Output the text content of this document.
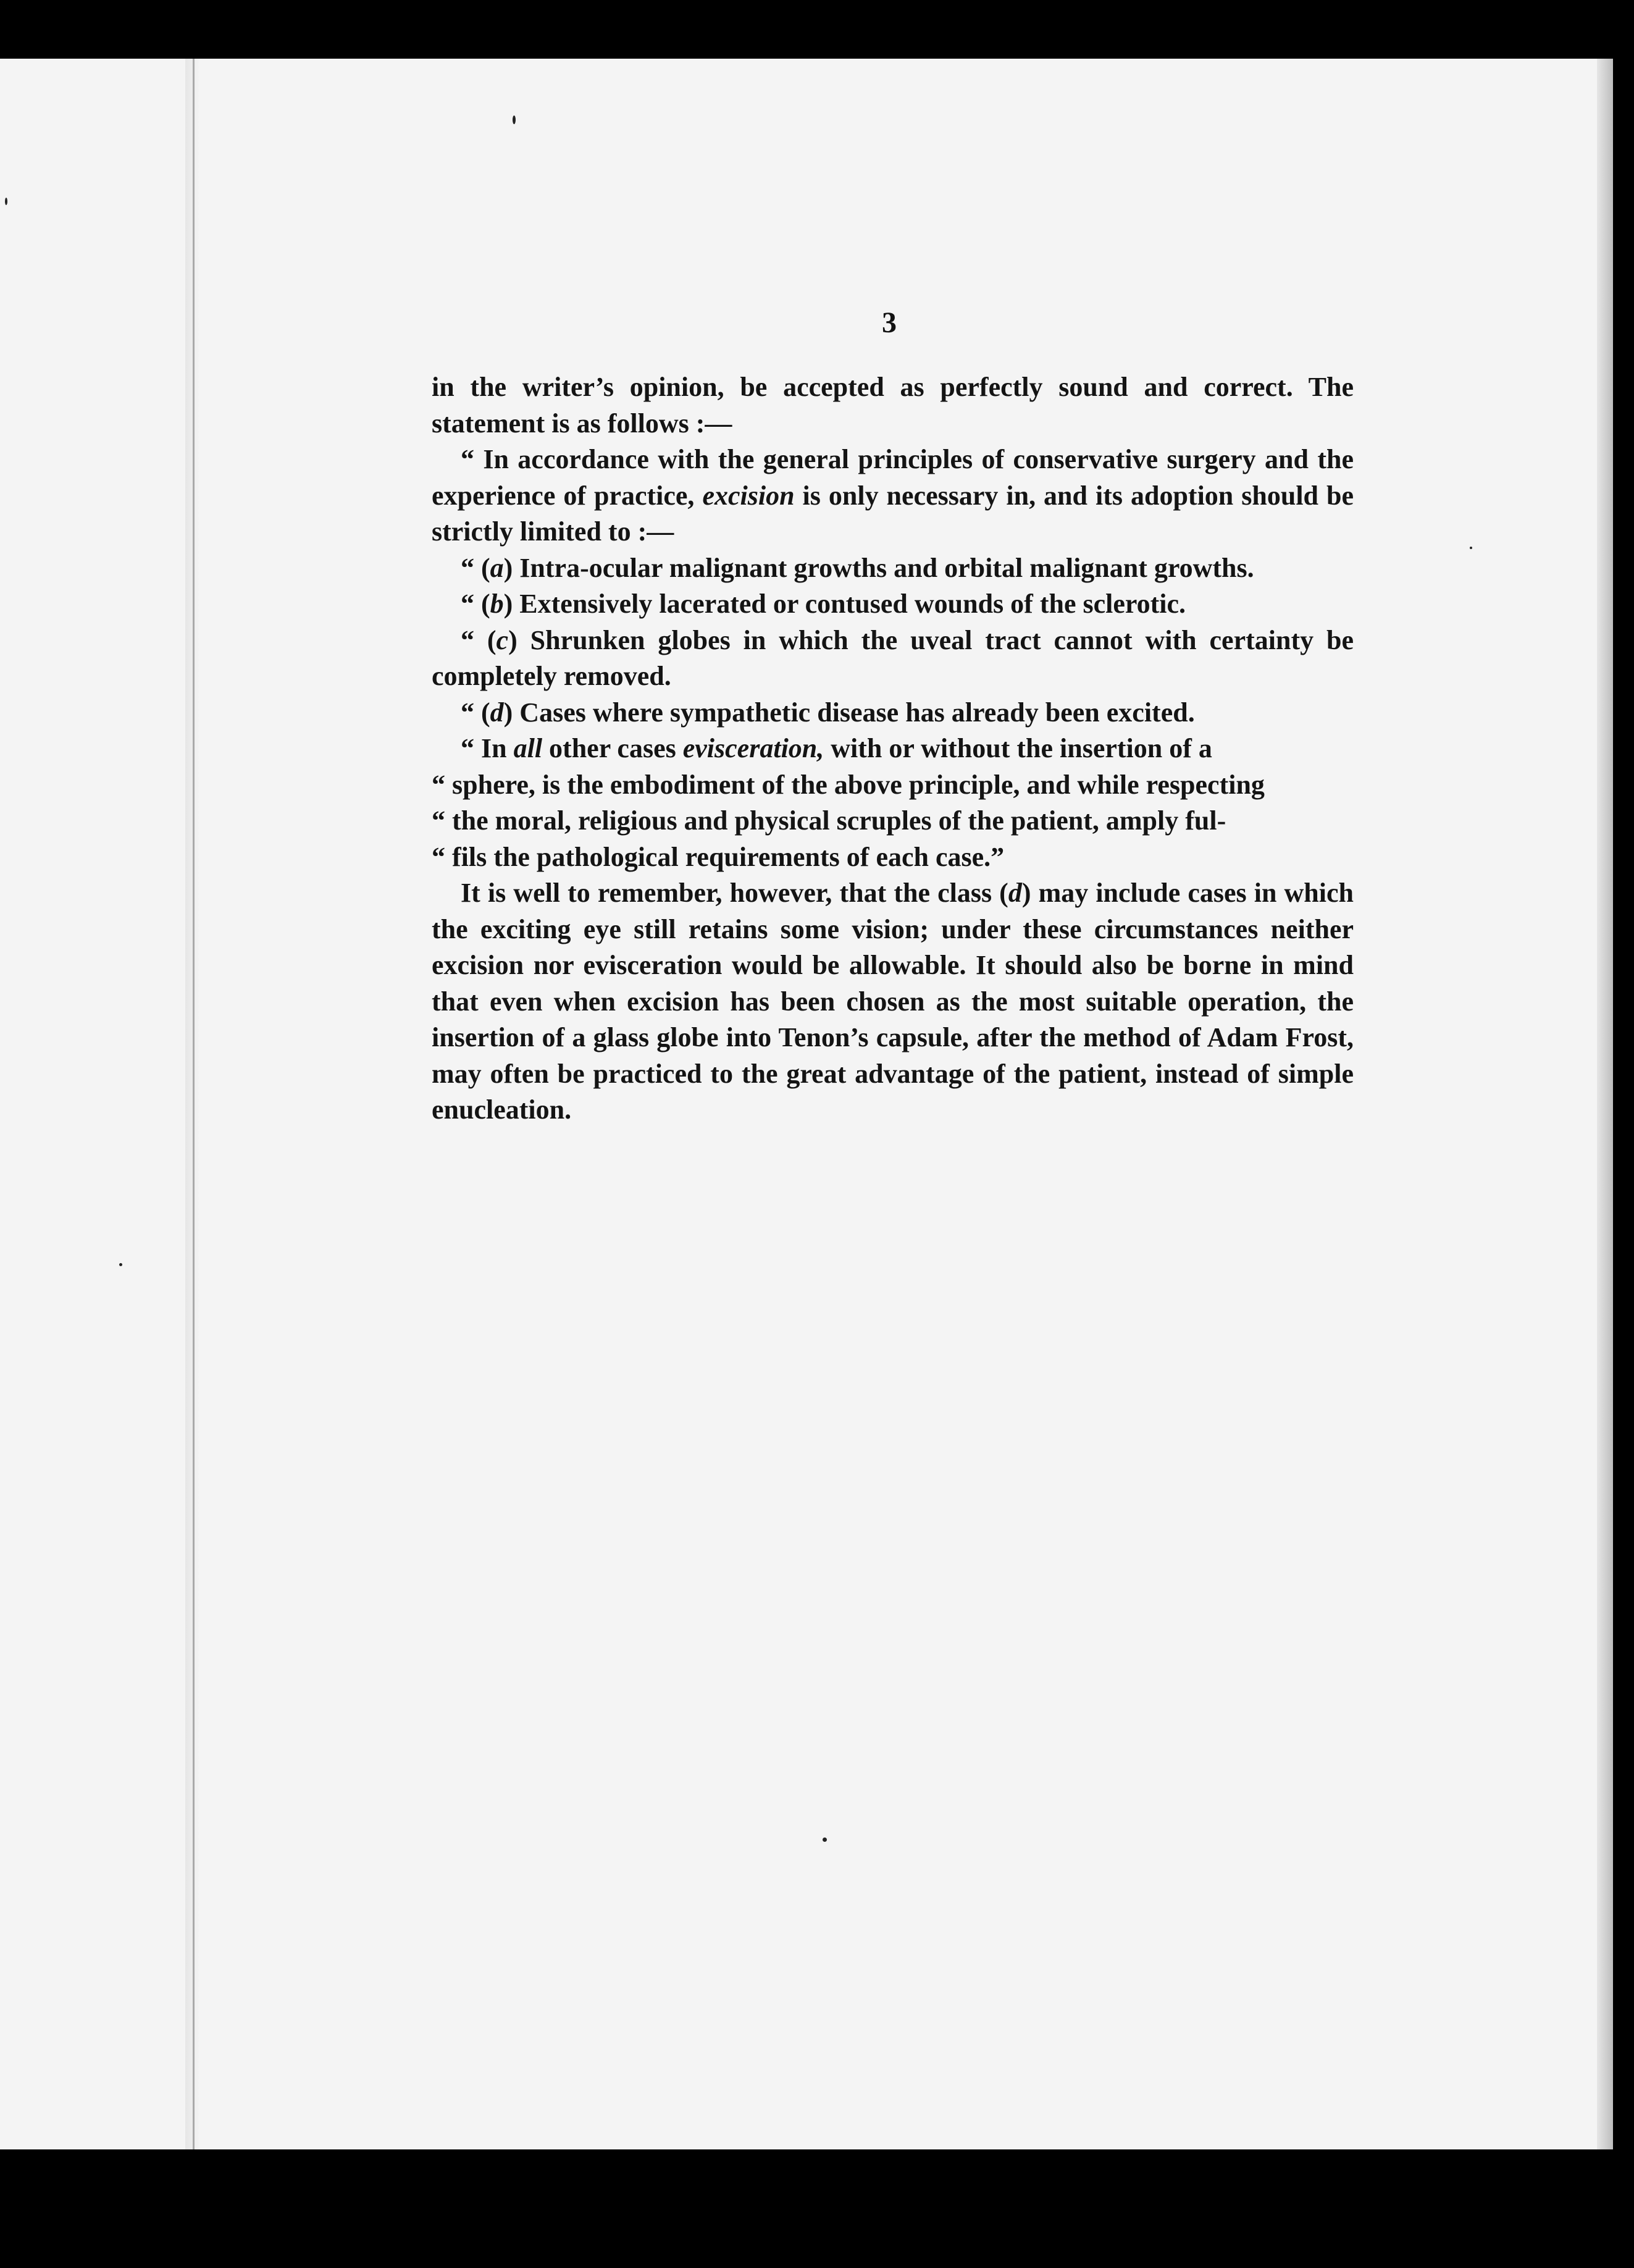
3

in the writer’s opinion, be accepted as perfectly sound and correct. The statement is as follows :—

“ In accordance with the general principles of conservative surgery and the experience of practice, excision is only necessary in, and its adoption should be strictly limited to :—

“ (a) Intra-ocular malignant growths and orbital malignant growths.

“ (b) Extensively lacerated or contused wounds of the sclerotic.

“ (c) Shrunken globes in which the uveal tract cannot with certainty be completely removed.

“ (d) Cases where sympathetic disease has already been excited.

“ In all other cases evisceration, with or without the insertion of a

“ sphere, is the embodiment of the above principle, and while respecting

“ the moral, religious and physical scruples of the patient, amply ful-

“ fils the pathological requirements of each case.”

It is well to remember, however, that the class (d) may include cases in which the exciting eye still retains some vision; under these circumstances neither excision nor evisceration would be allowable. It should also be borne in mind that even when excision has been chosen as the most suitable operation, the insertion of a glass globe into Tenon’s capsule, after the method of Adam Frost, may often be practiced to the great advantage of the patient, instead of simple enucleation.
